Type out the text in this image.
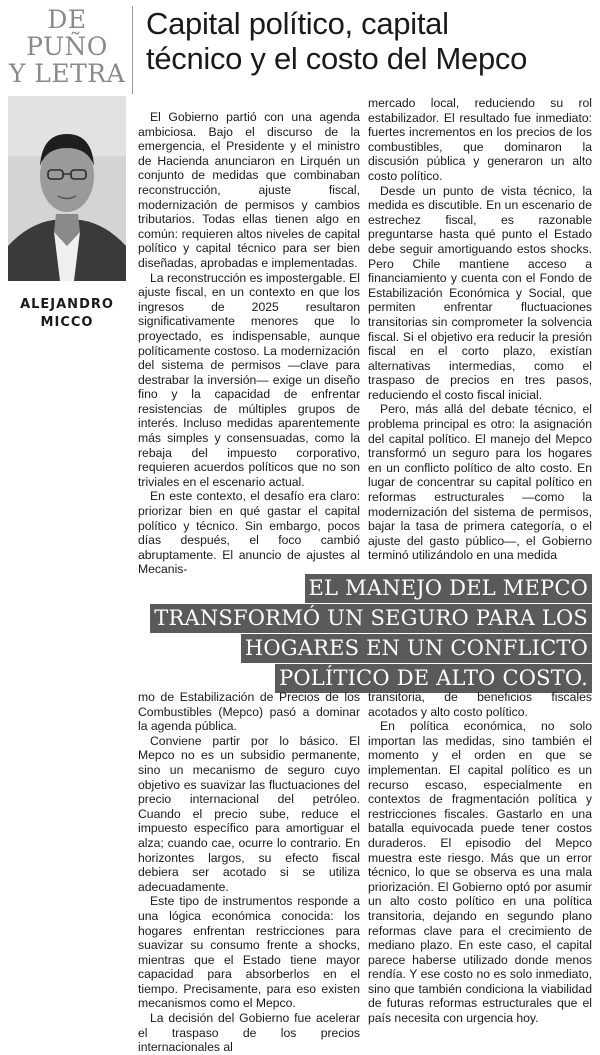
DE
PUÑO
Y LETRA
Capital político, capital
técnico y el costo del Mepco
ALEJANDRO
MICCO

El Gobierno partió con una agenda ambiciosa. Bajo el discurso de la emergencia, el Presidente y el ministro de Hacienda anunciaron en Lirquén un conjunto de medidas que combinaban reconstrucción, ajuste fiscal, modernización de permisos y cambios tributarios. Todas ellas tienen algo en común: requieren altos niveles de capital político y capital técnico para ser bien diseñadas, aprobadas e implementadas.

La reconstrucción es impostergable. El ajuste fiscal, en un contexto en que los ingresos de 2025 resultaron significativamente menores que lo proyectado, es indispensable, aunque políticamente costoso. La modernización del sistema de permisos —clave para destrabar la inversión— exige un diseño fino y la capacidad de enfrentar resistencias de múltiples grupos de interés. Incluso medidas aparentemente más simples y consensuadas, como la rebaja del impuesto corporativo, requieren acuerdos políticos que no son triviales en el escenario actual.

En este contexto, el desafío era claro: priorizar bien en qué gastar el capital político y técnico. Sin embargo, pocos días después, el foco cambió abruptamente. El anuncio de ajustes al Mecanis-

mercado local, reduciendo su rol estabilizador. El resultado fue inmediato: fuertes incrementos en los precios de los combustibles, que dominaron la discusión pública y generaron un alto costo político.

Desde un punto de vista técnico, la medida es discutible. En un escenario de estrechez fiscal, es razonable preguntarse hasta qué punto el Estado debe seguir amortiguando estos shocks. Pero Chile mantiene acceso a financiamiento y cuenta con el Fondo de Estabilización Económica y Social, que permiten enfrentar fluctuaciones transitorias sin comprometer la solvencia fiscal. Si el objetivo era reducir la presión fiscal en el corto plazo, existían alternativas intermedias, como el traspaso de precios en tres pasos, reduciendo el costo fiscal inicial.

Pero, más allá del debate técnico, el problema principal es otro: la asignación del capital político. El manejo del Mepco transformó un seguro para los hogares en un conflicto político de alto costo. En lugar de concentrar su capital político en reformas estructurales —como la modernización del sistema de permisos, bajar la tasa de primera categoría, o el ajuste del gasto público—, el Gobierno terminó utilizándolo en una medida

EL MANEJO DEL MEPCO
TRANSFORMÓ UN SEGURO PARA LOS
HOGARES EN UN CONFLICTO
POLÍTICO DE ALTO COSTO.

mo de Estabilización de Precios de los Combustibles (Mepco) pasó a dominar la agenda pública.

Conviene partir por lo básico. El Mepco no es un subsidio permanente, sino un mecanismo de seguro cuyo objetivo es suavizar las fluctuaciones del precio internacional del petróleo. Cuando el precio sube, reduce el impuesto específico para amortiguar el alza; cuando cae, ocurre lo contrario. En horizontes largos, su efecto fiscal debiera ser acotado si se utiliza adecuadamente.

Este tipo de instrumentos responde a una lógica económica conocida: los hogares enfrentan restricciones para suavizar su consumo frente a shocks, mientras que el Estado tiene mayor capacidad para absorberlos en el tiempo. Precisamente, para eso existen mecanismos como el Mepco.

La decisión del Gobierno fue acelerar el traspaso de los precios internacionales al

transitoria, de beneficios fiscales acotados y alto costo político.

En política económica, no solo importan las medidas, sino también el momento y el orden en que se implementan. El capital político es un recurso escaso, especialmente en contextos de fragmentación política y restricciones fiscales. Gastarlo en una batalla equivocada puede tener costos duraderos. El episodio del Mepco muestra este riesgo. Más que un error técnico, lo que se observa es una mala priorización. El Gobierno optó por asumir un alto costo político en una política transitoria, dejando en segundo plano reformas clave para el crecimiento de mediano plazo. En este caso, el capital parece haberse utilizado donde menos rendía. Y ese costo no es solo inmediato, sino que también condiciona la viabilidad de futuras reformas estructurales que el país necesita con urgencia hoy.
